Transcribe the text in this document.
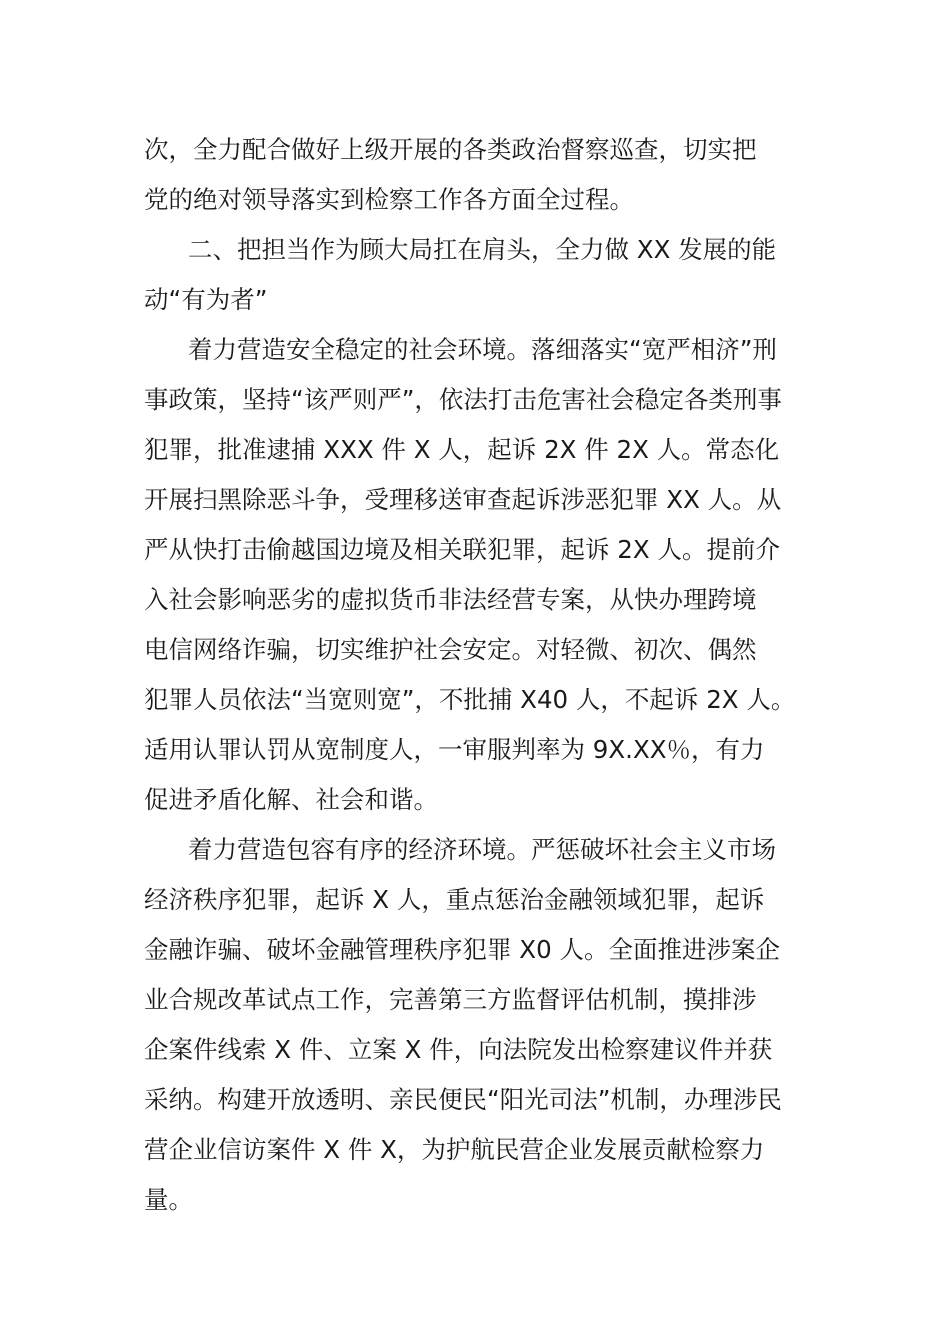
次，全力配合做好上级开展的各类政治督察巡查，切实把
党的绝对领导落实到检察工作各方面全过程。
二、把担当作为顾大局扛在肩头，全力做 XX 发展的能
动“有为者”
着力营造安全稳定的社会环境。落细落实“宽严相济”刑
事政策，坚持“该严则严”，依法打击危害社会稳定各类刑事
犯罪，批准逮捕 XXX 件 X 人，起诉 2X 件 2X 人。常态化
开展扫黑除恶斗争，受理移送审查起诉涉恶犯罪 XX 人。从
严从快打击偷越国边境及相关联犯罪，起诉 2X 人。提前介
入社会影响恶劣的虚拟货币非法经营专案，从快办理跨境
电信网络诈骗，切实维护社会安定。对轻微、初次、偶然
犯罪人员依法“当宽则宽”，不批捕 X40 人，不起诉 2X 人。
适用认罪认罚从宽制度人，一审服判率为 9X.XX％，有力
促进矛盾化解、社会和谐。
着力营造包容有序的经济环境。严惩破坏社会主义市场
经济秩序犯罪，起诉 X 人，重点惩治金融领域犯罪，起诉
金融诈骗、破坏金融管理秩序犯罪 X0 人。全面推进涉案企
业合规改革试点工作，完善第三方监督评估机制，摸排涉
企案件线索 X 件、立案 X 件，向法院发出检察建议件并获
采纳。构建开放透明、亲民便民“阳光司法”机制，办理涉民
营企业信访案件 X 件 X，为护航民营企业发展贡献检察力
量。
